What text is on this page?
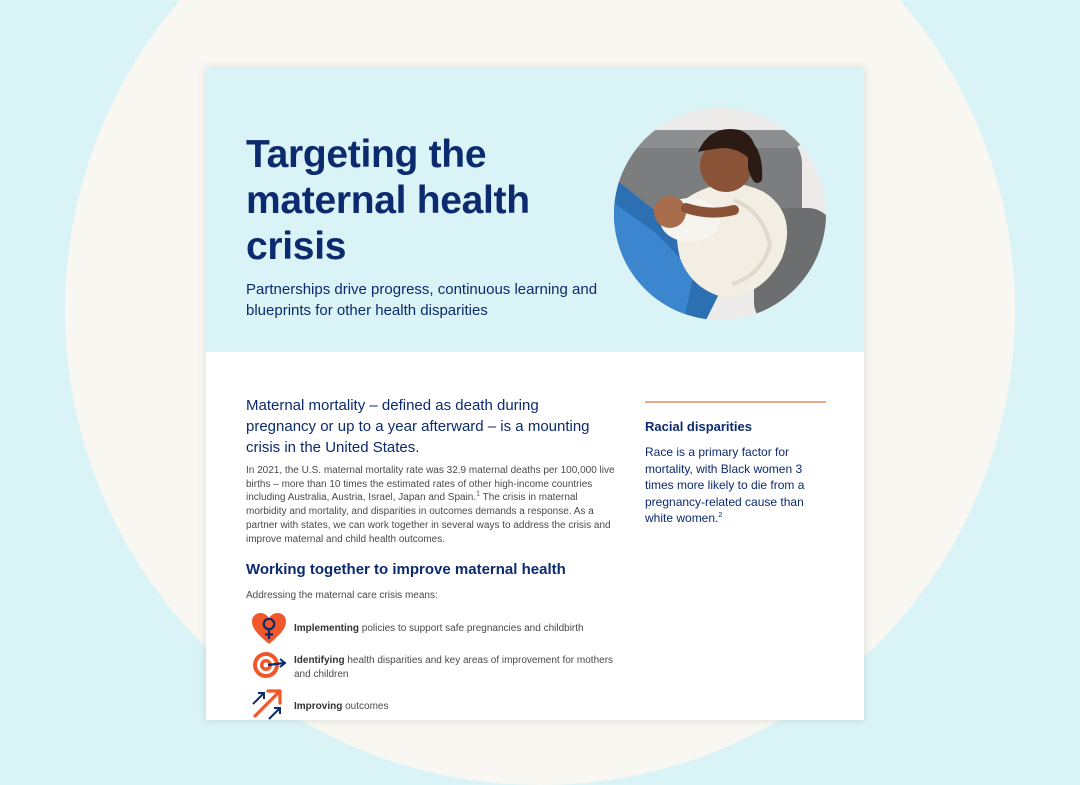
Targeting the maternal health crisis
Partnerships drive progress, continuous learning and blueprints for other health disparities
Maternal mortality – defined as death during pregnancy or up to a year afterward – is a mounting crisis in the United States.
In 2021, the U.S. maternal mortality rate was 32.9 maternal deaths per 100,000 live births – more than 10 times the estimated rates of other high-income countries including Australia, Austria, Israel, Japan and Spain.$^1$ The crisis in maternal morbidity and mortality, and disparities in outcomes demands a response. As a partner with states, we can work together in several ways to address the crisis and improve maternal and child health outcomes.
Working together to improve maternal health
Addressing the maternal care crisis means:
Implementing policies to support safe pregnancies and childbirth
Identifying health disparities and key areas of improvement for mothers and children
Improving outcomes
Racial disparities
Race is a primary factor for mortality, with Black women 3 times more likely to die from a pregnancy-related cause than white women.$^2$
